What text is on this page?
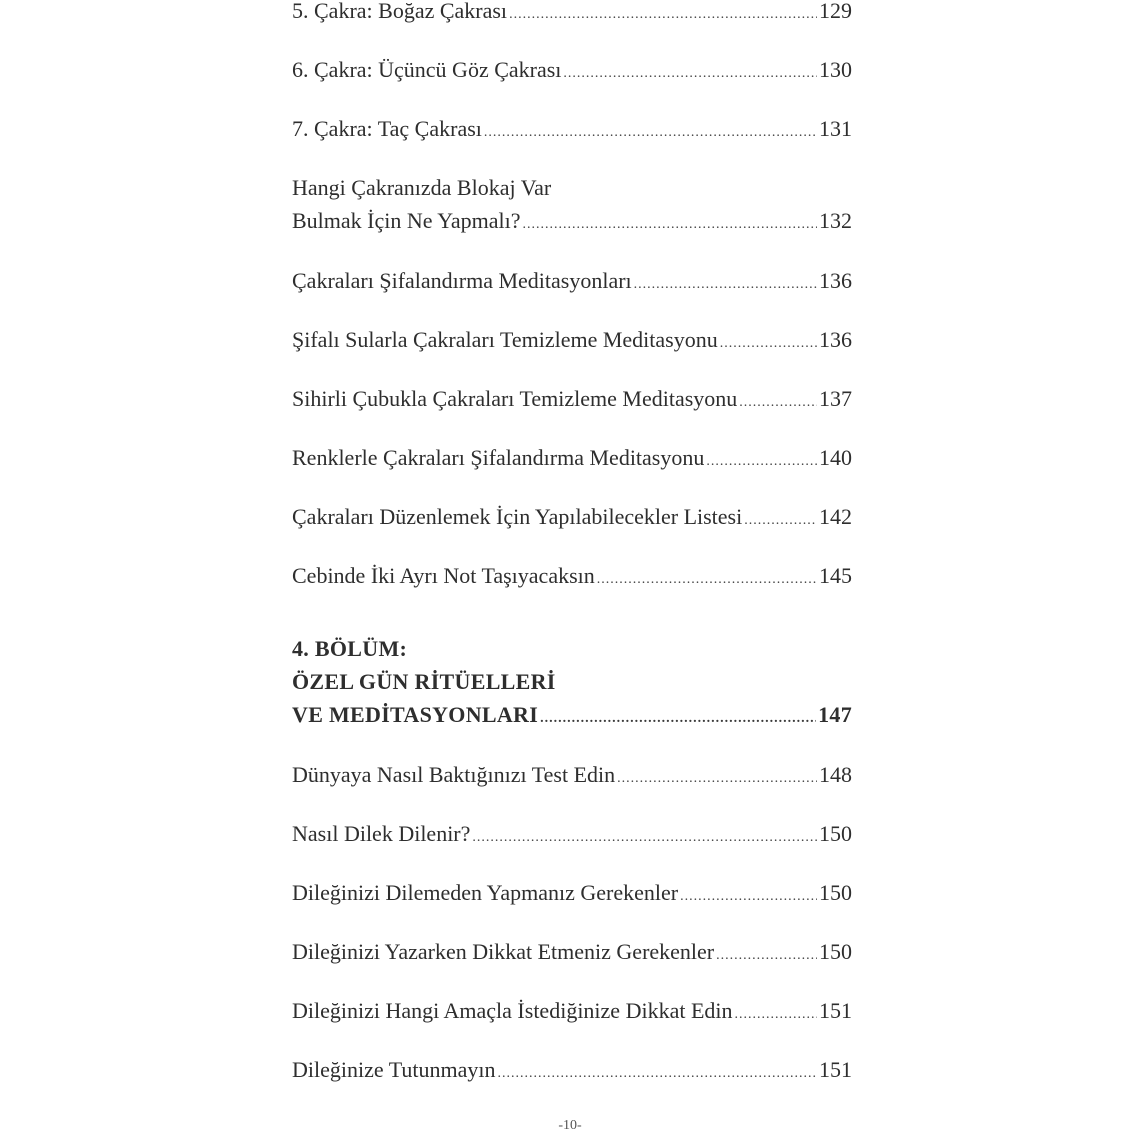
5. Çakra: Boğaz Çakrası .....	129
6. Çakra: Üçüncü Göz Çakrası .....	130
7. Çakra: Taç Çakrası .....	131
Hangi Çakranızda Blokaj Var
Bulmak İçin Ne Yapmalı? .....	132
Çakraları Şifalandırma Meditasyonları .....	136
Şifalı Sularla Çakraları Temizleme Meditasyonu .....	136
Sihirli Çubukla Çakraları Temizleme Meditasyonu .....	137
Renklerle Çakraları Şifalandırma Meditasyonu .....	140
Çakraları Düzenlemek İçin Yapılabilecekler Listesi .....	142
Cebinde İki Ayrı Not Taşıyacaksın .....	145
4. BÖLÜM:
ÖZEL GÜN RİTÜELLERİ
VE MEDİTASYONLARI .....	147
Dünyaya Nasıl Baktığınızı Test Edin .....	148
Nasıl Dilek Dilenir? .....	150
Dileğinizi Dilemeden Yapmanız Gerekenler .....	150
Dileğinizi Yazarken Dikkat Etmeniz Gerekenler .....	150
Dileğinizi Hangi Amaçla İstediğinize Dikkat Edin .....	151
Dileğinize Tutunmayın .....	151
-10-
